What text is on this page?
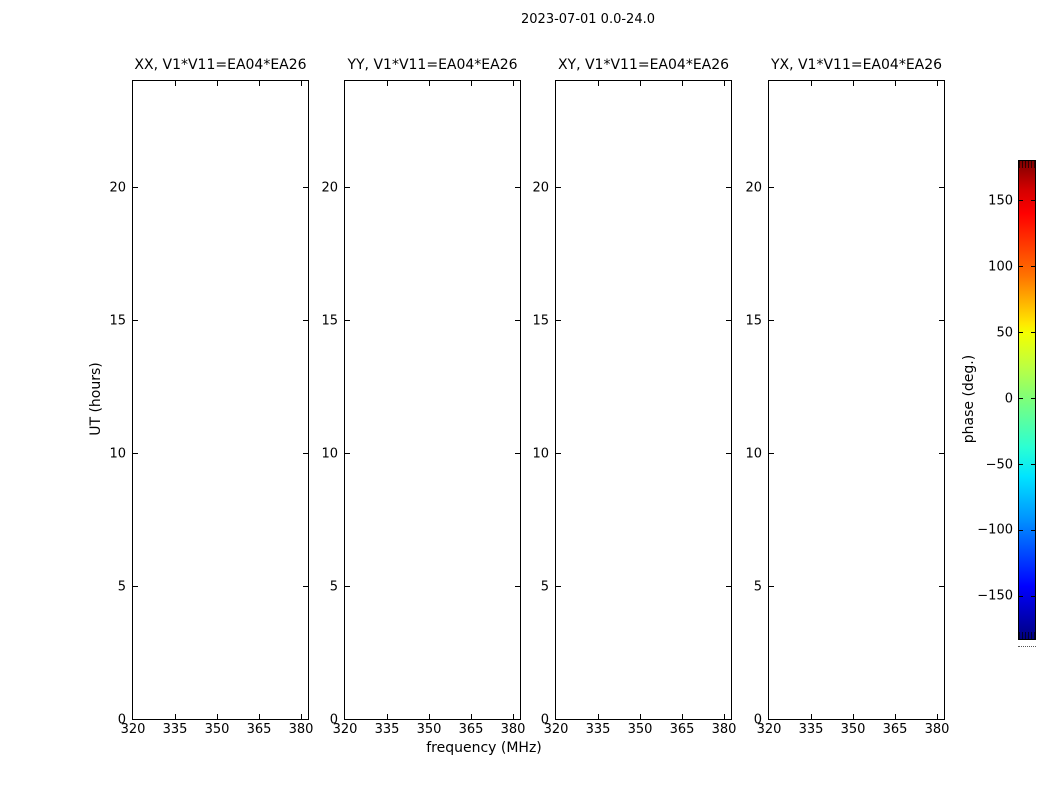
2023-07-01 0.0-24.0
UT (hours)
frequency (MHz)
XX, V1*V11=EA04*EA26
320 335 350 365 380
0
5
10
15
20
YY, V1*V11=EA04*EA26
320 335 350 365 380
0
5
10
15
20
XY, V1*V11=EA04*EA26
320 335 350 365 380
0
5
10
15
20
YX, V1*V11=EA04*EA26
320 335 350 365 380
0
5
10
15
20
150
100
50
0
−50
−100
−150
phase (deg.)
